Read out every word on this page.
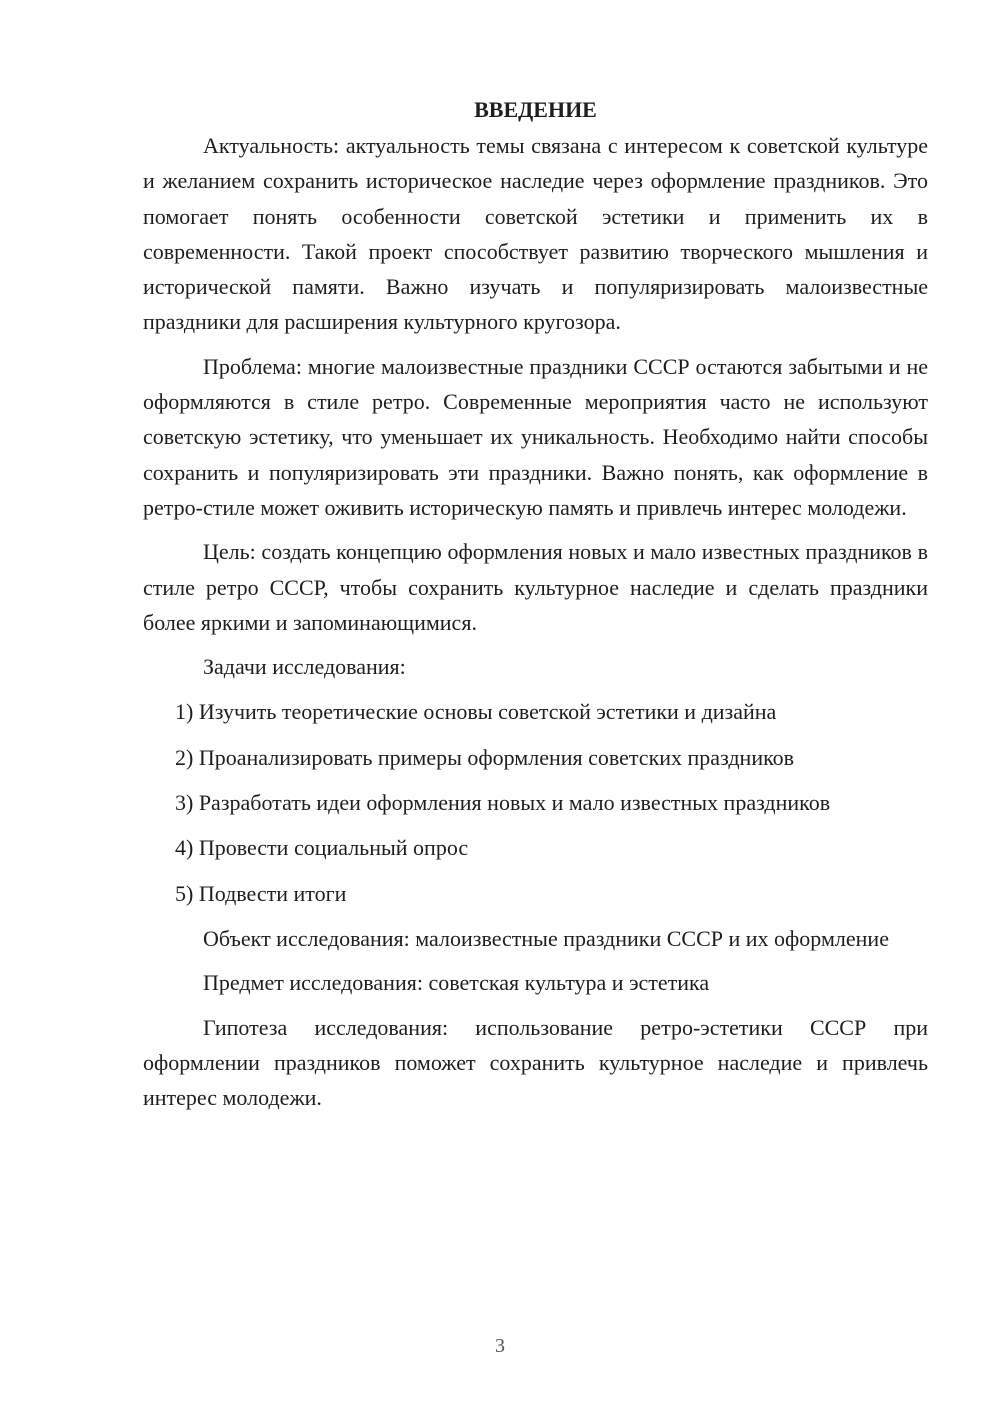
ВВЕДЕНИЕ

Актуальность: актуальность темы связана с интересом к советской культуре и желанием сохранить историческое наследие через оформление праздников. Это помогает понять особенности советской эстетики и применить их в современности. Такой проект способствует развитию творческого мышления и исторической памяти. Важно изучать и популяризировать малоизвестные праздники для расширения культурного кругозора.

Проблема: многие малоизвестные праздники СССР остаются забытыми и не оформляются в стиле ретро. Современные мероприятия часто не используют советскую эстетику, что уменьшает их уникальность. Необходимо найти способы сохранить и популяризировать эти праздники. Важно понять, как оформление в ретро-стиле может оживить историческую память и привлечь интерес молодежи.

Цель: создать концепцию оформления новых и мало известных праздников в стиле ретро СССР, чтобы сохранить культурное наследие и сделать праздники более яркими и запоминающимися.

Задачи исследования:
1) Изучить теоретические основы советской эстетики и дизайна
2) Проанализировать примеры оформления советских праздников
3) Разработать идеи оформления новых и мало известных праздников
4) Провести социальный опрос
5) Подвести итоги

Объект исследования: малоизвестные праздники СССР и их оформление

Предмет исследования: советская культура и эстетика

Гипотеза исследования: использование ретро-эстетики СССР при оформлении праздников поможет сохранить культурное наследие и привлечь интерес молодежи.

3
